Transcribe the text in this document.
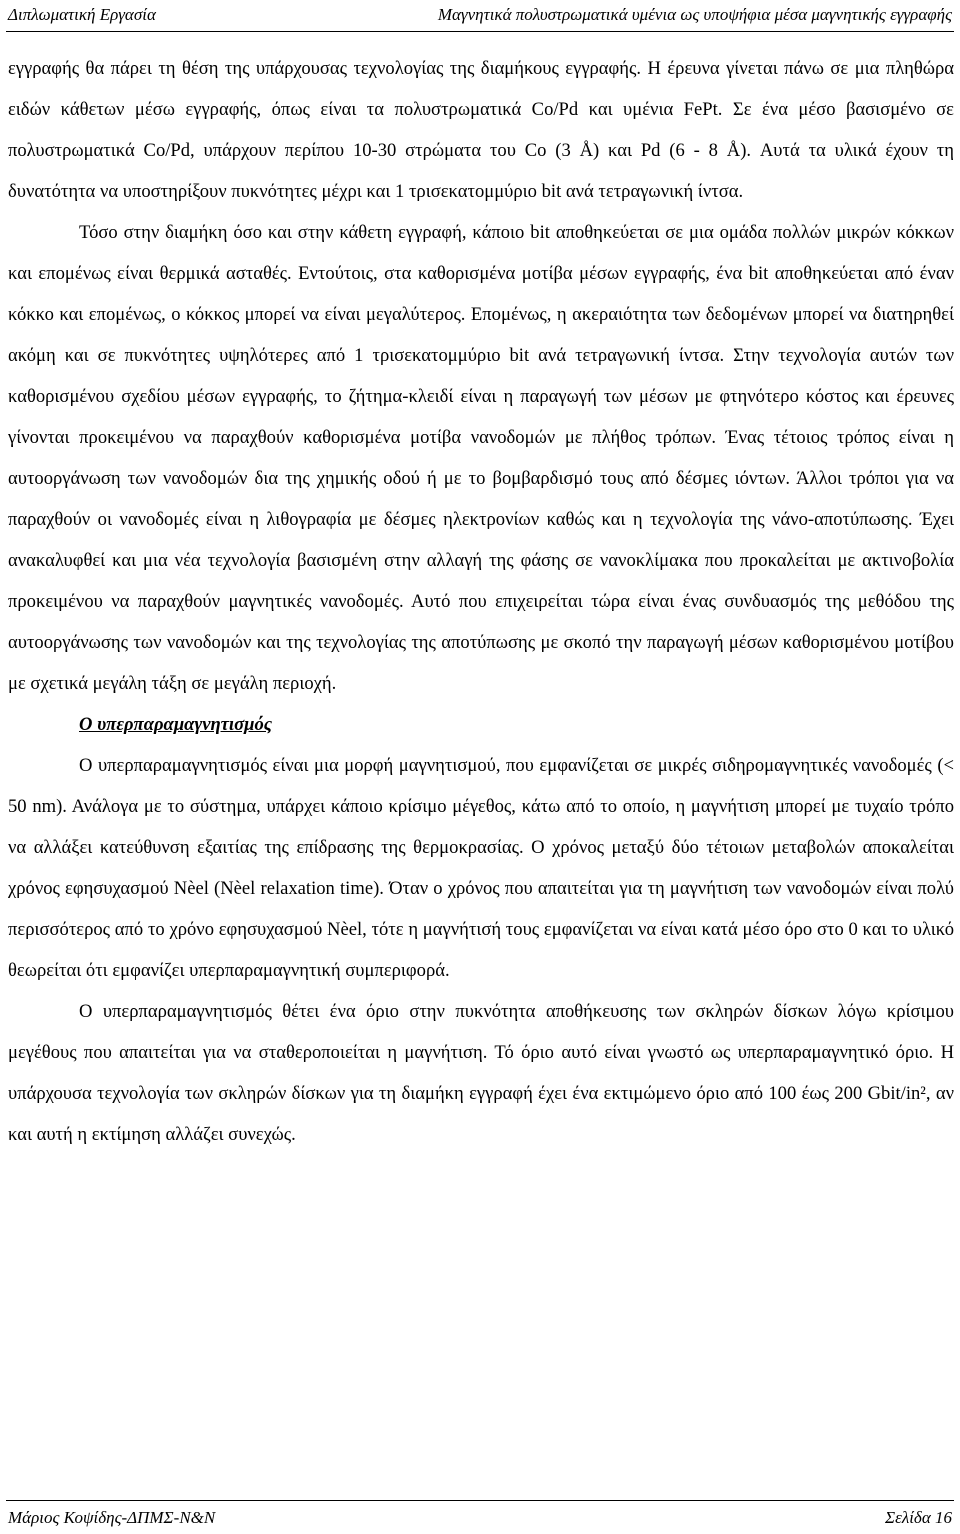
Διπλωματική Εργασία	Μαγνητικά πολυστρωματικά υμένια ως υποψήφια μέσα μαγνητικής εγγραφής

εγγραφής θα πάρει τη θέση της υπάρχουσας τεχνολογίας της διαμήκους εγγραφής. Η έρευνα γίνεται πάνω σε μια πληθώρα ειδών κάθετων μέσω εγγραφής, όπως είναι τα πολυστρωματικά Co/Pd και υμένια FePt. Σε ένα μέσο βασισμένο σε πολυστρωματικά Co/Pd, υπάρχουν περίπου 10-30 στρώματα του Co (3 Å) και Pd (6 - 8 Å). Αυτά τα υλικά έχουν τη δυνατότητα να υποστηρίξουν πυκνότητες μέχρι και 1 τρισεκατομμύριο bit ανά τετραγωνική ίντσα.

Τόσο στην διαμήκη όσο και στην κάθετη εγγραφή, κάποιο bit αποθηκεύεται σε μια ομάδα πολλών μικρών κόκκων και επομένως είναι θερμικά ασταθές. Εντούτοις, στα καθορισμένα μοτίβα μέσων εγγραφής, ένα bit αποθηκεύεται από έναν κόκκο και επομένως, ο κόκκος μπορεί να είναι μεγαλύτερος. Επομένως, η ακεραιότητα των δεδομένων μπορεί να διατηρηθεί ακόμη και σε πυκνότητες υψηλότερες από 1 τρισεκατομμύριο bit ανά τετραγωνική ίντσα. Στην τεχνολογία αυτών των καθορισμένου σχεδίου μέσων εγγραφής, το ζήτημα-κλειδί είναι η παραγωγή των μέσων με φτηνότερο κόστος και έρευνες γίνονται προκειμένου να παραχθούν καθορισμένα μοτίβα νανοδομών με πλήθος τρόπων. Ένας τέτοιος τρόπος είναι η αυτοοργάνωση των νανοδομών δια της χημικής οδού ή με το βομβαρδισμό τους από δέσμες ιόντων. Άλλοι τρόποι για να παραχθούν οι νανοδομές είναι η λιθογραφία με δέσμες ηλεκτρονίων καθώς και η τεχνολογία της νάνο-αποτύπωσης. Έχει ανακαλυφθεί και μια νέα τεχνολογία βασισμένη στην αλλαγή της φάσης σε νανοκλίμακα που προκαλείται με ακτινοβολία προκειμένου να παραχθούν μαγνητικές νανοδομές. Αυτό που επιχειρείται τώρα είναι ένας συνδυασμός της μεθόδου της αυτοοργάνωσης των νανοδομών και της τεχνολογίας της αποτύπωσης με σκοπό την παραγωγή μέσων καθορισμένου μοτίβου με σχετικά μεγάλη τάξη σε μεγάλη περιοχή.

Ο υπερπαραμαγνητισμός

Ο υπερπαραμαγνητισμός είναι μια μορφή μαγνητισμού, που εμφανίζεται σε μικρές σιδηρομαγνητικές νανοδομές (< 50 nm). Ανάλογα με το σύστημα, υπάρχει κάποιο κρίσιμο μέγεθος, κάτω από το οποίο, η μαγνήτιση μπορεί με τυχαίο τρόπο να αλλάξει κατεύθυνση εξαιτίας της επίδρασης της θερμοκρασίας. Ο χρόνος μεταξύ δύο τέτοιων μεταβολών αποκαλείται χρόνος εφησυχασμού Nèel (Nèel relaxation time). Όταν ο χρόνος που απαιτείται για τη μαγνήτιση των νανοδομών είναι πολύ περισσότερος από το χρόνο εφησυχασμού Nèel, τότε η μαγνήτισή τους εμφανίζεται να είναι κατά μέσο όρο στο 0 και το υλικό θεωρείται ότι εμφανίζει υπερπαραμαγνητική συμπεριφορά.

Ο υπερπαραμαγνητισμός θέτει ένα όριο στην πυκνότητα αποθήκευσης των σκληρών δίσκων λόγω κρίσιμου μεγέθους που απαιτείται για να σταθεροποιείται η μαγνήτιση. Τό όριο αυτό είναι γνωστό ως υπερπαραμαγνητικό όριο. Η υπάρχουσα τεχνολογία των σκληρών δίσκων για τη διαμήκη εγγραφή έχει ένα εκτιμώμενο όριο από 100 έως 200 Gbit/in², αν και αυτή η εκτίμηση αλλάζει συνεχώς.

Μάριος Κοψίδης-ΔΠΜΣ-Ν&Ν	Σελίδα 16
